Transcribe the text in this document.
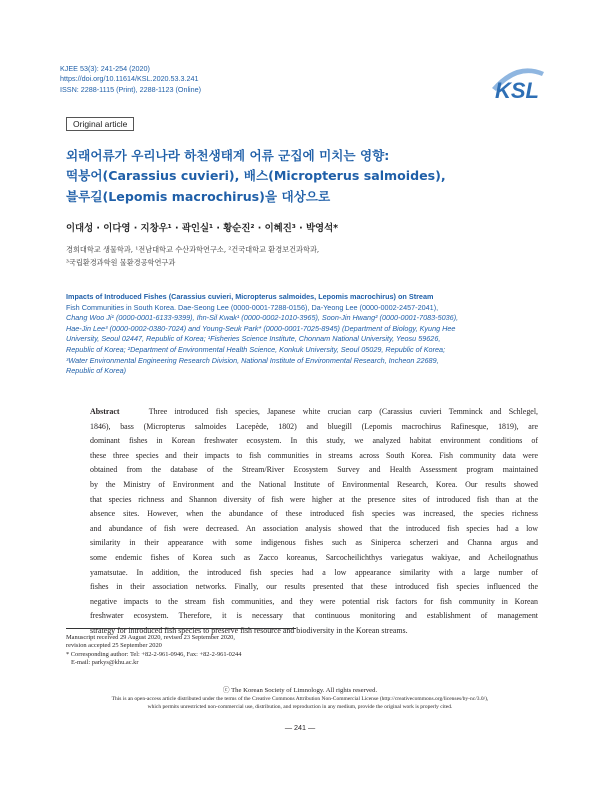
KJEE 53(3): 241-254 (2020)
https://doi.org/10.11614/KSL.2020.53.3.241
ISSN: 2288-1115 (Print), 2288-1123 (Online)	KSL
Original article
외래어류가 우리나라 하천생태계 어류 군집에 미치는 영향:
떡붕어(Carassius cuvieri), 배스(Micropterus salmoides),
블루길(Lepomis macrochirus)을 대상으로
이대성 · 이다영 · 지창우¹ · 곽인실¹ · 황순진² · 이혜진³ · 박영석*
경희대학교 생물학과, ¹전남대학교 수산과학연구소, ²건국대학교 환경보건과학과,
³국립환경과학원 물환경공학연구과
Impacts of Introduced Fishes (Carassius cuvieri, Micropterus salmoides, Lepomis macrochirus) on Stream
Fish Communities in South Korea. Dae-Seong Lee (0000-0001-7288-0156), Da-Yeong Lee (0000-0002-2457-2041),
Chang Woo Ji¹ (0000-0001-6133-9399), Ihn-Sil Kwak¹ (0000-0002-1010-3965), Soon-Jin Hwang² (0000-0001-7083-5036),
Hae-Jin Lee³ (0000-0002-0380-7024) and Young-Seuk Park* (0000-0001-7025-8945) (Department of Biology, Kyung Hee
University, Seoul 02447, Republic of Korea; ¹Fisheries Science Institute, Chonnam National University, Yeosu 59626,
Republic of Korea; ²Department of Environmental Health Science, Konkuk University, Seoul 05029, Republic of Korea;
³Water Environmental Engineering Research Division, National Institute of Environmental Research, Incheon 22689,
Republic of Korea)
Abstract	Three introduced fish species, Japanese white crucian carp (Carassius cuvieri Temminck and Schlegel,
1846), bass (Micropterus salmoides Lacepède, 1802) and bluegill (Lepomis macrochirus Rafinesque, 1819), are
dominant fishes in Korean freshwater ecosystem. In this study, we analyzed habitat environment conditions of
these three species and their impacts to fish communities in streams across South Korea. Fish community data were
obtained from the database of the Stream/River Ecosystem Survey and Health Assessment program maintained
by the Ministry of Environment and the National Institute of Environmental Research, Korea. Our results showed
that species richness and Shannon diversity of fish were higher at the presence sites of introduced fish than at the
absence sites. However, when the abundance of these introduced fish species was increased, the species richness
and abundance of fish were decreased. An association analysis showed that the introduced fish species had a low
similarity in their appearance with some indigenous fishes such as Siniperca scherzeri and Channa argus and
some endemic fishes of Korea such as Zacco koreanus, Sarcocheilichthys variegatus wakiyae, and Acheilognathus
yamatsutae. In addition, the introduced fish species had a low appearance similarity with a large number of
fishes in their association networks. Finally, our results presented that these introduced fish species influenced the
negative impacts to the stream fish communities, and they were potential risk factors for fish community in Korean
freshwater ecosystem. Therefore, it is necessary that continuous monitoring and establishment of management
strategy for introduced fish species to preserve fish resource and biodiversity in the Korean streams.
Manuscript received 29 August 2020, revised 23 September 2020,
revision accepted 25 September 2020
* Corresponding author: Tel: +82-2-961-0946, Fax: +82-2-961-0244
E-mail: parkys@khu.ac.kr
ⓒ The Korean Society of Limnology. All rights reserved.
This is an open-access article distributed under the terms of the Creative Commons Attribution Non-Commercial License (http://creativecommons.org/licenses/by-nc/3.0/),
which permits unrestricted non-commercial use, distribution, and reproduction in any medium, provide the original work is properly cited.
— 241 —
